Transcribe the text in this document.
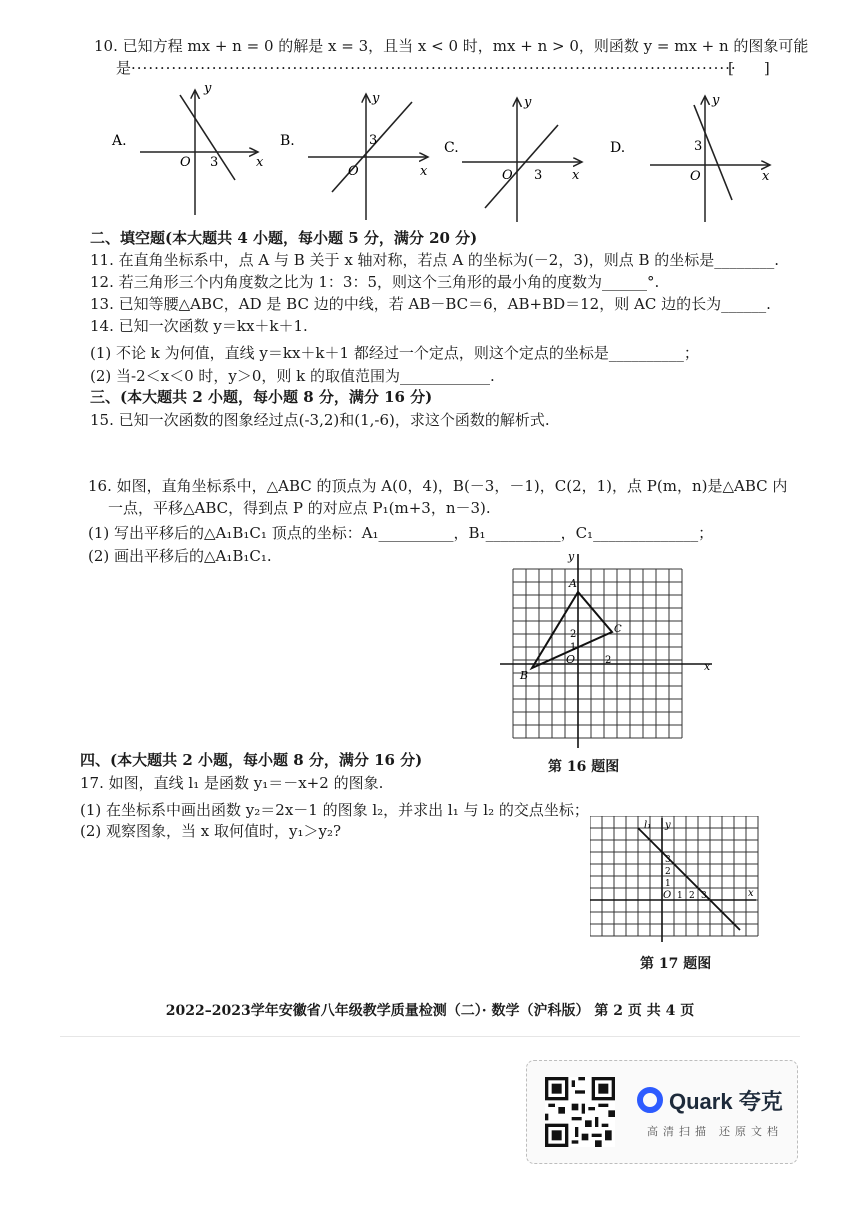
10. 已知方程 mx + n = 0 的解是 x = 3，且当 x < 0 时，mx + n > 0，则函数 y = mx + n 的图象可能
是·········································································································
[　　]
A.
y
x
O 3
B.
y
x
O
3	C.
y
x
O 3
D.
y
x
O
3
二、填空题(本大题共 4 小题，每小题 5 分，满分 20 分)
11. 在直角坐标系中，点 A 与 B 关于 x 轴对称，若点 A 的坐标为(－2，3)，则点 B 的坐标是________.
12. 若三角形三个内角度数之比为 1：3：5，则这个三角形的最小角的度数为______°.
13. 已知等腰△ABC，AD 是 BC 边的中线，若 AB－BC＝6，AB+BD＝12，则 AC 边的长为______.
14. 已知一次函数 y＝kx＋k＋1.
(1) 不论 k 为何值，直线 y＝kx＋k＋1 都经过一个定点，则这个定点的坐标是__________；
(2) 当-2＜x＜0 时，y＞0，则 k 的取值范围为____________.
三、(本大题共 2 小题，每小题 8 分，满分 16 分)
15. 已知一次函数的图象经过点(-3,2)和(1,-6)，求这个函数的解析式.
16. 如图，直角坐标系中，△ABC 的顶点为 A(0，4)，B(－3，－1)，C(2，1)，点 P(m，n)是△ABC 内
一点，平移△ABC，得到点 P 的对应点 P₁(m+3，n－3).
(1) 写出平移后的△A₁B₁C₁ 顶点的坐标：A₁__________，B₁__________，C₁______________；
(2) 画出平移后的△A₁B₁C₁.
A
B
C
O
y
x
1
2
2
第 16 题图
四、(本大题共 2 小题，每小题 8 分，满分 16 分)
17. 如图，直线 l₁ 是函数 y₁＝－x+2 的图象.
(1) 在坐标系中画出函数 y₂＝2x－1 的图象 l₂，并求出 l₁ 与 l₂ 的交点坐标；
(2) 观察图象，当 x 取何值时，y₁＞y₂?	l₁ y
x
O
1
2
3
1 2 3
第 17 题图
2022–2023学年安徽省八年级教学质量检测（二）· 数学（沪科版） 第 2 页 共 4 页
Quark 夸克
高清扫描 还原文档
